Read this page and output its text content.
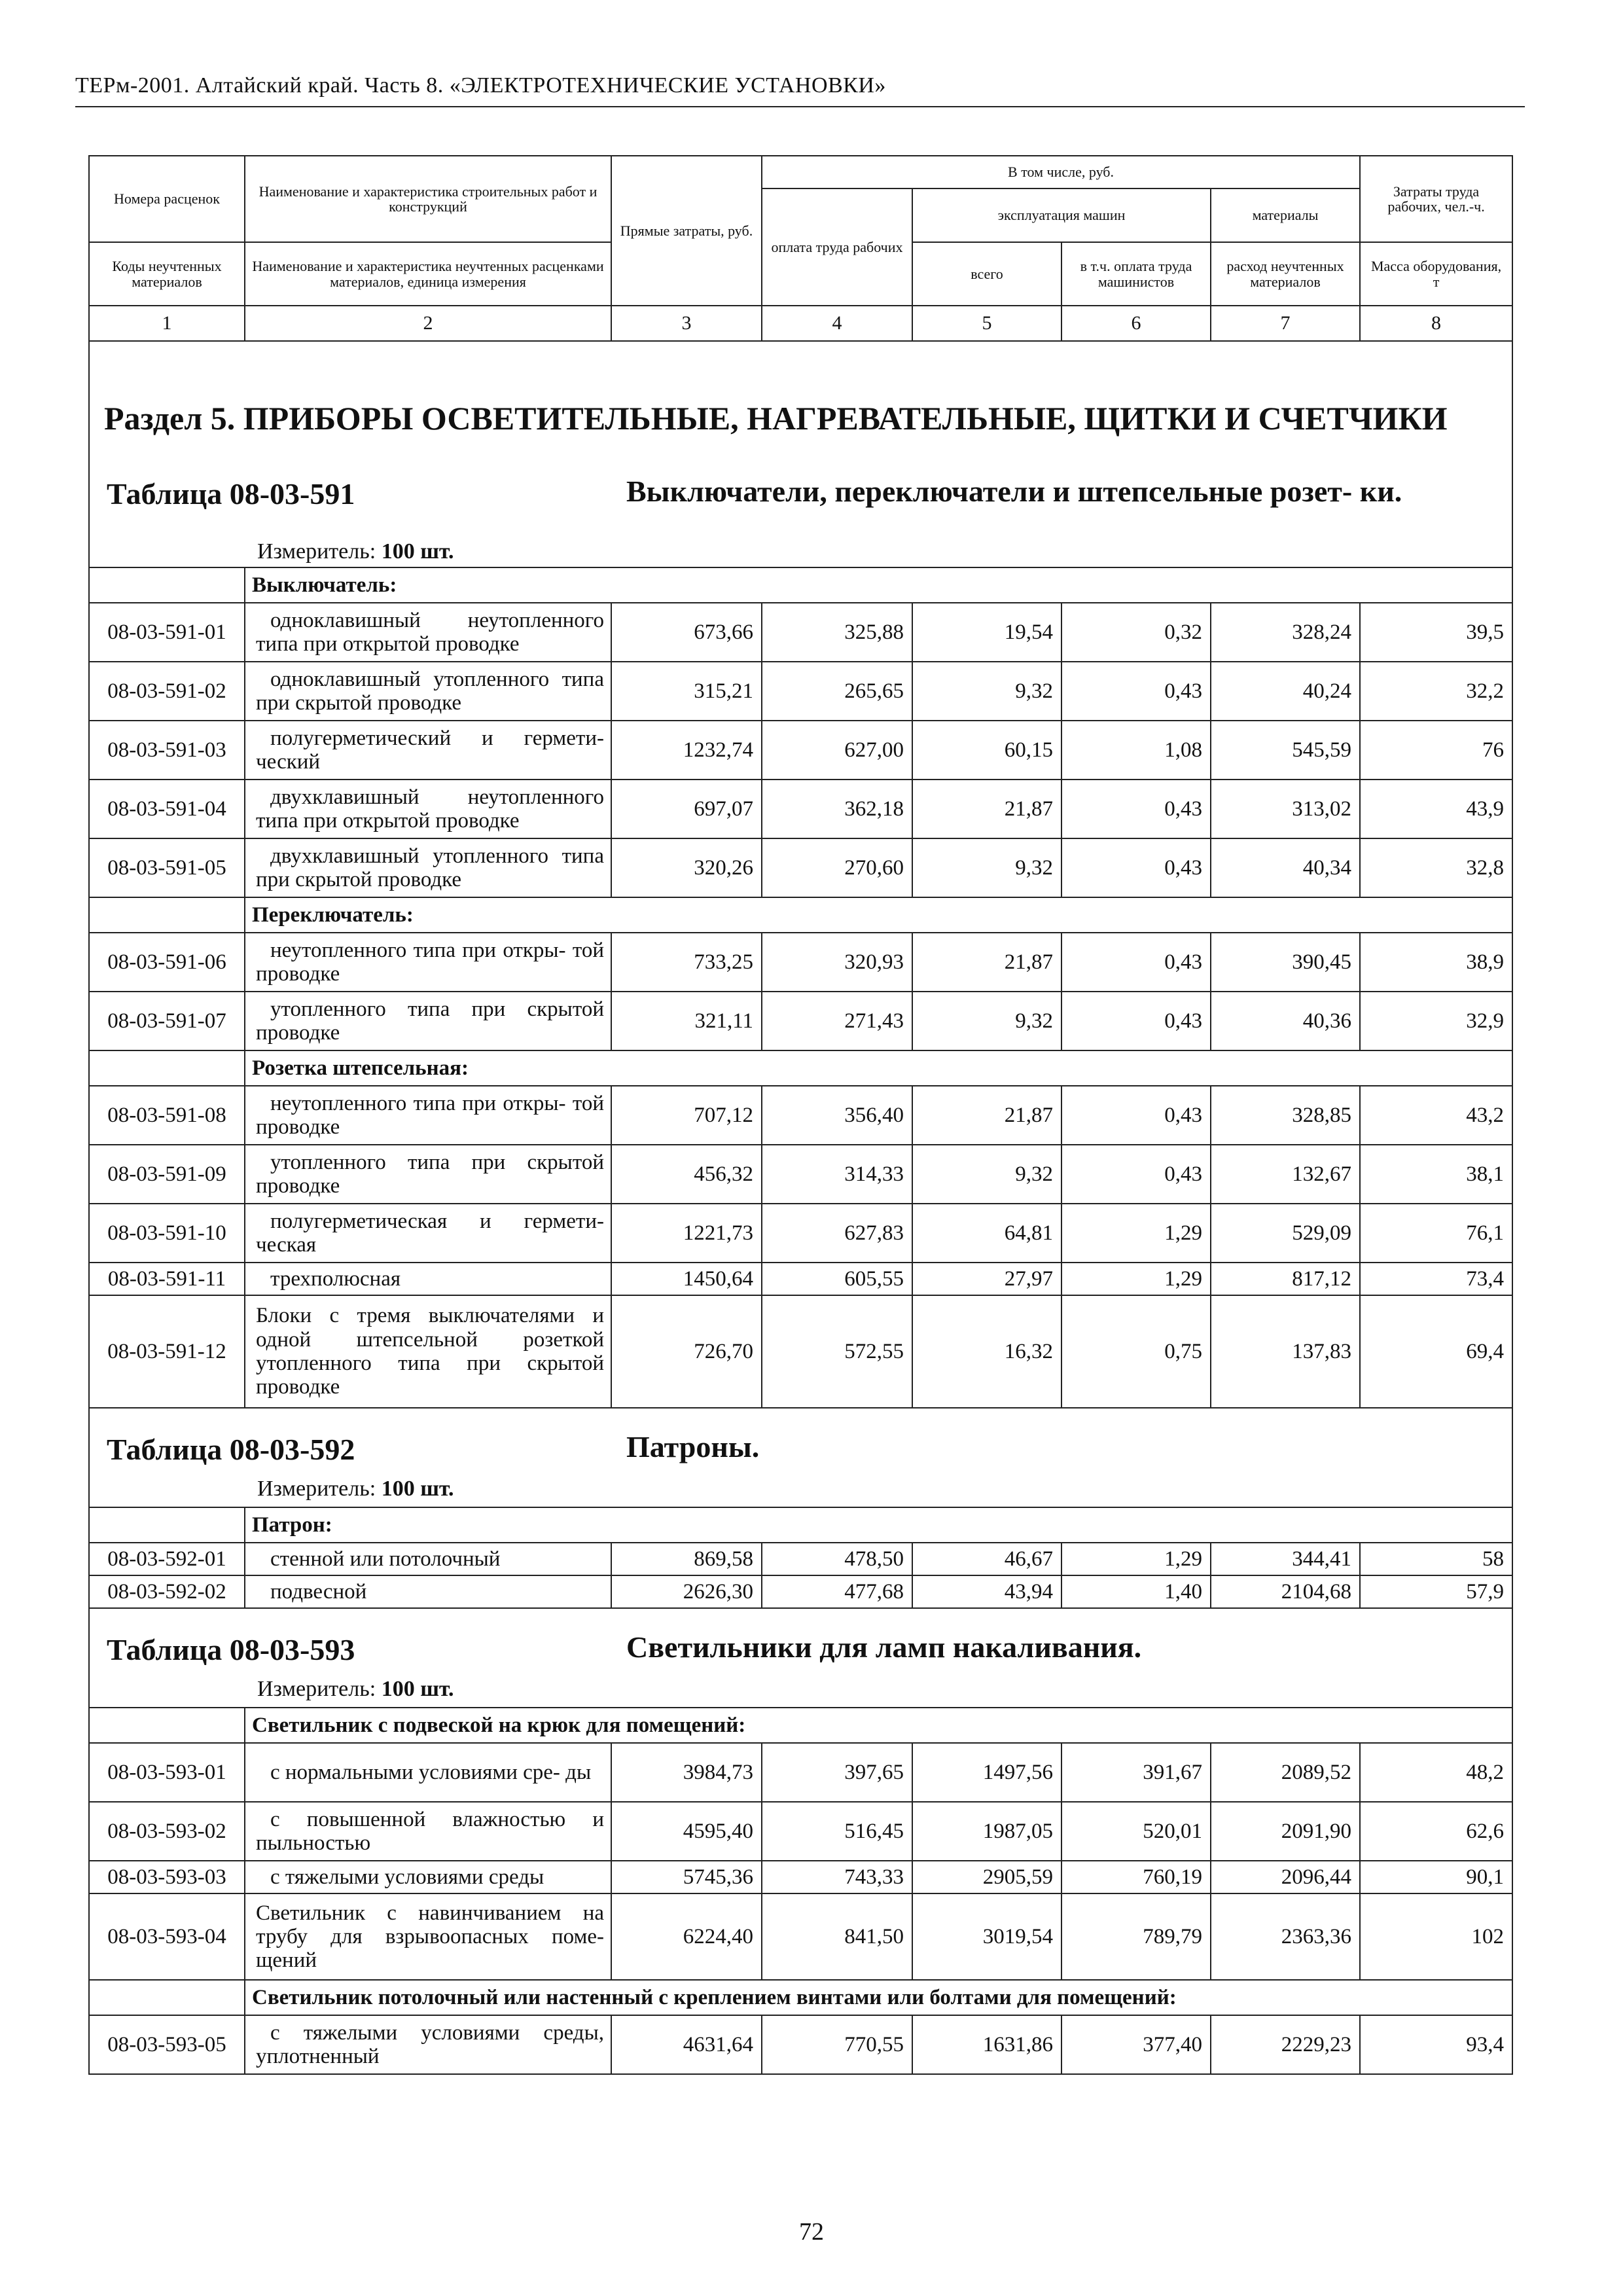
ТЕРм-2001. Алтайский край. Часть 8. «ЭЛЕКТРОТЕХНИЧЕСКИЕ УСТАНОВКИ»
Номера расценок	Наименование и характеристика строительных работ и конструкций	Прямые затраты, руб.	В том числе, руб.				Затраты труда рабочих, чел.-ч.
			оплата труда рабочих	эксплуатация машин		материалы	
Коды неучтенных материалов	Наименование и характеристика неучтенных расценками материалов, единица измерения			всего	в т.ч. оплата труда машинистов	расход неучтенных материалов	Масса оборудования, т
1	2	3	4	5	6	7	8

Раздел 5. ПРИБОРЫ ОСВЕТИТЕЛЬНЫЕ, НАГРЕВАТЕЛЬНЫЕ, ЩИТКИ И СЧЕТЧИКИ							

Таблица 08-03-591 Выключатели, переключатели и штепсельные розет- ки.
Измеритель: 100 шт.							

	Выключатель:						
08-03-591-01	одноклавишный неутопленного типа при открытой проводке	673,66	325,88	19,54	0,32	328,24	39,5
08-03-591-02	одноклавишный утопленного типа при скрытой проводке	315,21	265,65	9,32	0,43	40,24	32,2
08-03-591-03	полугерметический и гермети- ческий	1232,74	627,00	60,15	1,08	545,59	76
08-03-591-04	двухклавишный неутопленного типа при открытой проводке	697,07	362,18	21,87	0,43	313,02	43,9
08-03-591-05	двухклавишный утопленного типа при скрытой проводке	320,26	270,60	9,32	0,43	40,34	32,8
	Переключатель:						
08-03-591-06	неутопленного типа при откры- той проводке	733,25	320,93	21,87	0,43	390,45	38,9
08-03-591-07	утопленного типа при скрытой проводке	321,11	271,43	9,32	0,43	40,36	32,9
	Розетка штепсельная:						
08-03-591-08	неутопленного типа при откры- той проводке	707,12	356,40	21,87	0,43	328,85	43,2
08-03-591-09	утопленного типа при скрытой проводке	456,32	314,33	9,32	0,43	132,67	38,1
08-03-591-10	полугерметическая и гермети- ческая	1221,73	627,83	64,81	1,29	529,09	76,1
08-03-591-11	трехполюсная	1450,64	605,55	27,97	1,29	817,12	73,4
08-03-591-12	Блоки с тремя выключателями и одной штепсельной розеткой утопленного типа при скрытой проводке	726,70	572,55	16,32	0,75	137,83	69,4

Таблица 08-03-592 Патроны.
Измеритель: 100 шт.							

	Патрон:						
08-03-592-01	стенной или потолочный	869,58	478,50	46,67	1,29	344,41	58
08-03-592-02	подвесной	2626,30	477,68	43,94	1,40	2104,68	57,9

Таблица 08-03-593 Светильники для ламп накаливания.
Измеритель: 100 шт.							

	Светильник с подвеской на крюк для помещений:						
08-03-593-01	с нормальными условиями сре- ды	3984,73	397,65	1497,56	391,67	2089,52	48,2
08-03-593-02	с повышенной влажностью и пыльностью	4595,40	516,45	1987,05	520,01	2091,90	62,6
08-03-593-03	с тяжелыми условиями среды	5745,36	743,33	2905,59	760,19	2096,44	90,1
08-03-593-04	Светильник с навинчиванием на трубу для взрывоопасных поме- щений	6224,40	841,50	3019,54	789,79	2363,36	102
	Светильник потолочный или настенный с креплением винтами или болтами для помещений:						
08-03-593-05	с тяжелыми условиями среды, уплотненный	4631,64	770,55	1631,86	377,40	2229,23	93,4
72
